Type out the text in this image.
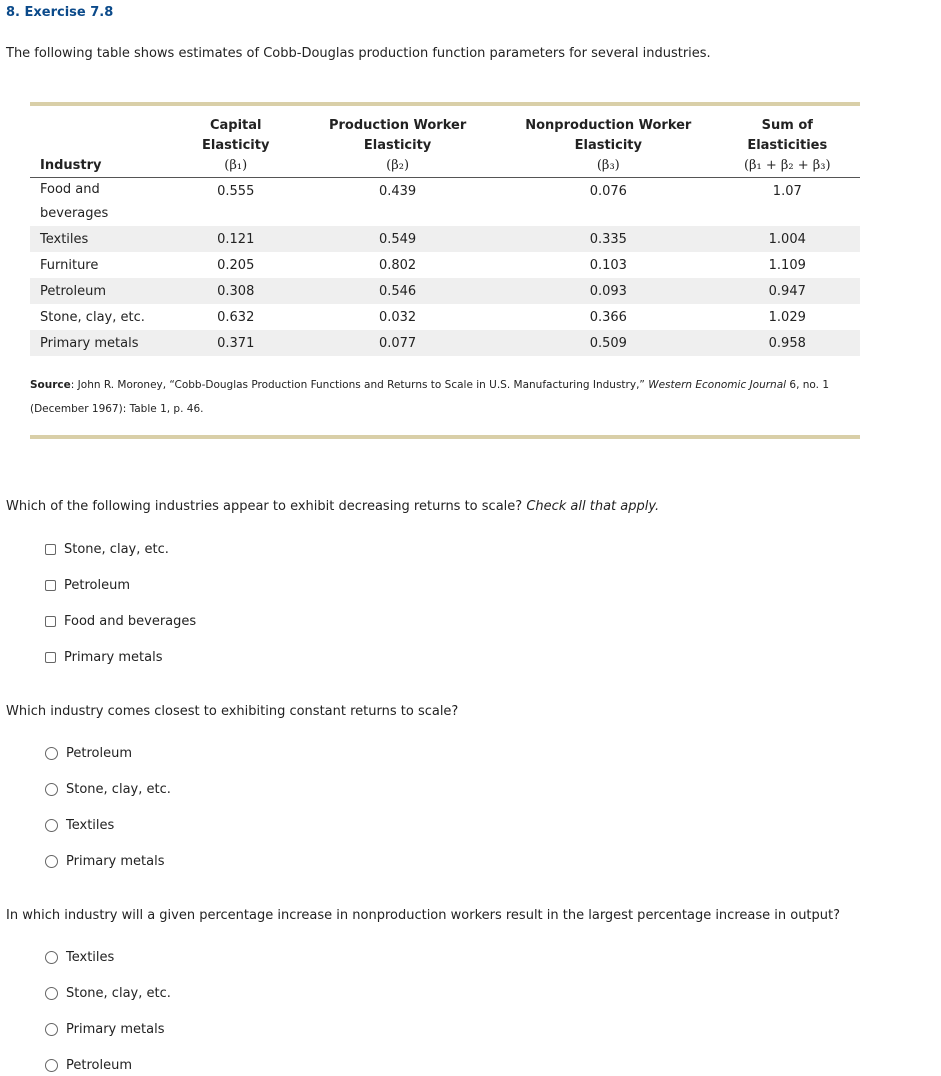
8. Exercise 7.8
The following table shows estimates of Cobb-Douglas production function parameters for several industries.
	Capital	Production Worker	Nonproduction Worker	Sum of
	Elasticity	Elasticity	Elasticity	Elasticities
Industry	(β₁)	(β₂)	(β₃)	(β₁ + β₂ + β₃)

Food and
beverages	0.555	0.439	0.076	1.07
Textiles	0.121	0.549	0.335	1.004
Furniture	0.205	0.802	0.103	1.109
Petroleum	0.308	0.546	0.093	0.947
Stone, clay, etc.	0.632	0.032	0.366	1.029
Primary metals	0.371	0.077	0.509	0.958
Source: John R. Moroney, “Cobb-Douglas Production Functions and Returns to Scale in U.S. Manufacturing Industry,” Western Economic Journal 6, no. 1 (December 1967): Table 1, p. 46.
Which of the following industries appear to exhibit decreasing returns to scale? Check all that apply.
Stone, clay, etc.
Petroleum
Food and beverages
Primary metals
Which industry comes closest to exhibiting constant returns to scale?
Petroleum
Stone, clay, etc.
Textiles
Primary metals
In which industry will a given percentage increase in nonproduction workers result in the largest percentage increase in output?
Textiles
Stone, clay, etc.
Primary metals
Petroleum
